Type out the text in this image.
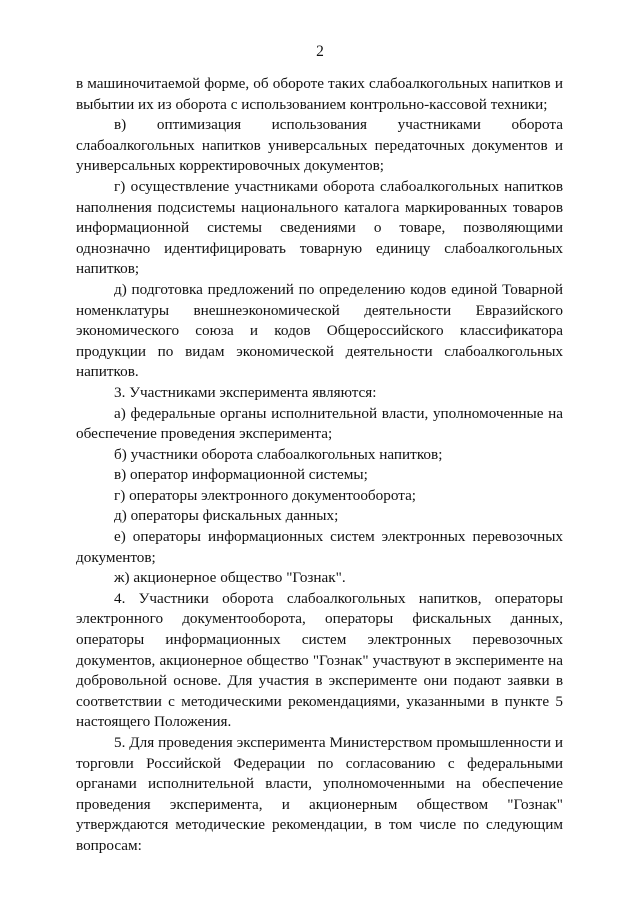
2

в машиночитаемой форме, об обороте таких слабоалкогольных напитков и выбытии их из оборота с использованием контрольно-кассовой техники;

в) оптимизация использования участниками оборота слабоалкогольных напитков универсальных передаточных документов и универсальных корректировочных документов;

г) осуществление участниками оборота слабоалкогольных напитков наполнения подсистемы национального каталога маркированных товаров информационной системы сведениями о товаре, позволяющими однозначно идентифицировать товарную единицу слабоалкогольных напитков;

д) подготовка предложений по определению кодов единой Товарной номенклатуры внешнеэкономической деятельности Евразийского экономического союза и кодов Общероссийского классификатора продукции по видам экономической деятельности слабоалкогольных напитков.

3. Участниками эксперимента являются:

а) федеральные органы исполнительной власти, уполномоченные на обеспечение проведения эксперимента;

б) участники оборота слабоалкогольных напитков;

в) оператор информационной системы;

г) операторы электронного документооборота;

д) операторы фискальных данных;

е) операторы информационных систем электронных перевозочных документов;

ж) акционерное общество "Гознак".

4. Участники оборота слабоалкогольных напитков, операторы электронного документооборота, операторы фискальных данных, операторы информационных систем электронных перевозочных документов, акционерное общество "Гознак" участвуют в эксперименте на добровольной основе. Для участия в эксперименте они подают заявки в соответствии с методическими рекомендациями, указанными в пункте 5 настоящего Положения.

5. Для проведения эксперимента Министерством промышленности и торговли Российской Федерации по согласованию с федеральными органами исполнительной власти, уполномоченными на обеспечение проведения эксперимента, и акционерным обществом "Гознак" утверждаются методические рекомендации, в том числе по следующим вопросам:
